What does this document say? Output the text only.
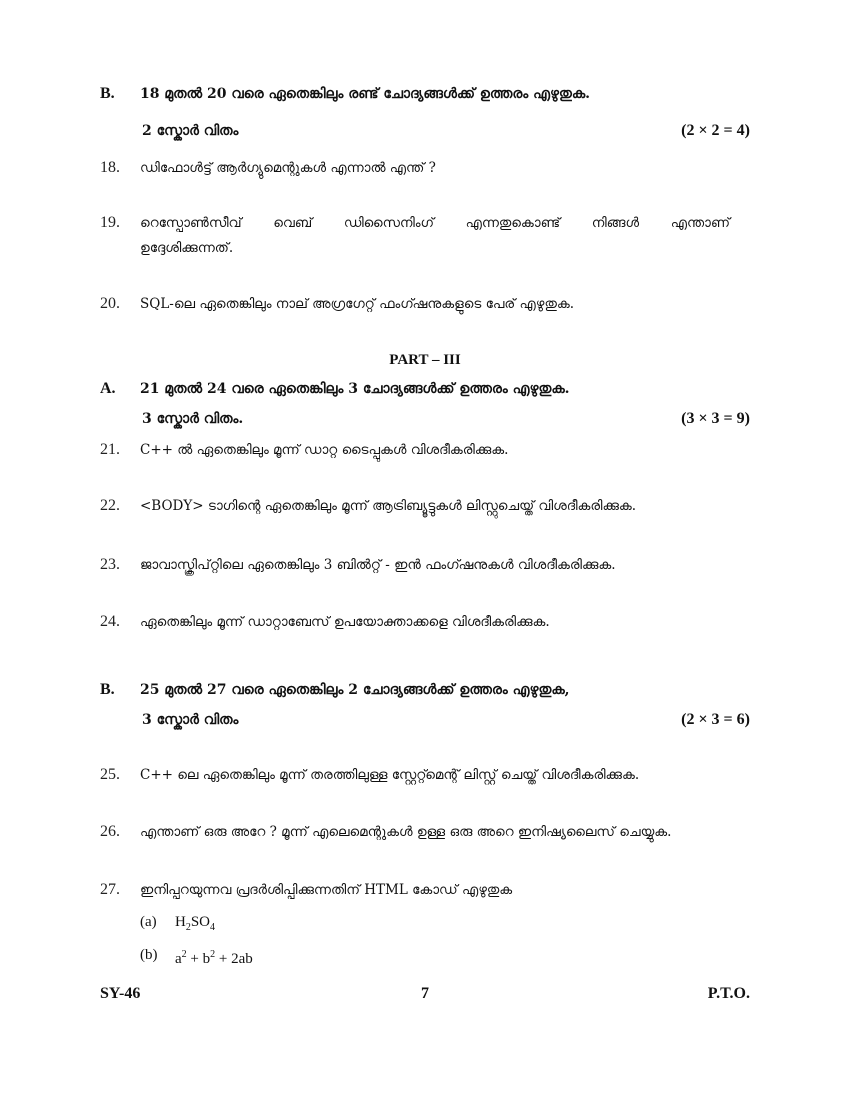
B. 18 മുതൽ 20 വരെ ഏതെങ്കിലും രണ്ട് ചോദ്യങ്ങൾക്ക് ഉത്തരം എഴുതുക.
2 സ്കോർ വിതം	(2 × 2 = 4)
18. ഡിഫോൾട്ട് ആർഗ്യുമെന്റുകൾ എന്നാൽ എന്ത് ?
19. റെസ്പോൺസീവ് വെബ് ഡിസൈനിംഗ് എന്നതുകൊണ്ട് നിങ്ങൾ എന്താണ്
ഉദ്ദേശിക്കുന്നത്.
20. SQL-ലെ ഏതെങ്കിലും നാല് അഗ്രഗേറ്റ് ഫംഗ്ഷനുകളുടെ പേര് എഴുതുക.
PART – III
A. 21 മുതൽ 24 വരെ ഏതെങ്കിലും 3 ചോദ്യങ്ങൾക്ക് ഉത്തരം എഴുതുക.
3 സ്കോർ വിതം.	(3 × 3 = 9)
21. C++ ൽ ഏതെങ്കിലും മൂന്ന് ഡാറ്റ ടൈപ്പുകൾ വിശദീകരിക്കുക.
22. <BODY> ടാഗിന്റെ ഏതെങ്കിലും മൂന്ന് ആട്രിബ്യൂട്ടുകൾ ലിസ്റ്റുചെയ്ത് വിശദീകരിക്കുക.
23. ജാവാസ്ക്രിപ്റ്റിലെ ഏതെങ്കിലും 3 ബിൽറ്റ് - ഇൻ ഫംഗ്ഷനുകൾ വിശദീകരിക്കുക.
24. ഏതെങ്കിലും മൂന്ന് ഡാറ്റാബേസ് ഉപയോക്താക്കളെ വിശദീകരിക്കുക.
B. 25 മുതൽ 27 വരെ ഏതെങ്കിലും 2 ചോദ്യങ്ങൾക്ക് ഉത്തരം എഴുതുക,
3 സ്കോർ വിതം	(2 × 3 = 6)
25. C++ ലെ ഏതെങ്കിലും മൂന്ന് തരത്തിലുള്ള സ്റ്റേറ്റ്മെന്റ് ലിസ്റ്റ് ചെയ്ത് വിശദീകരിക്കുക.
26. എന്താണ് ഒരു അറേ ? മൂന്ന് എലെമെന്റുകൾ ഉള്ള ഒരു അറെ ഇനിഷ്യലൈസ് ചെയ്യുക.
27. ഇനിപ്പറയുന്നവ പ്രദർശിപ്പിക്കുന്നതിന് HTML കോഡ് എഴുതുക
(a) $H_2SO_4$
(b) $a^2 + b^2 + 2ab$
SY-46	7	P.T.O.
